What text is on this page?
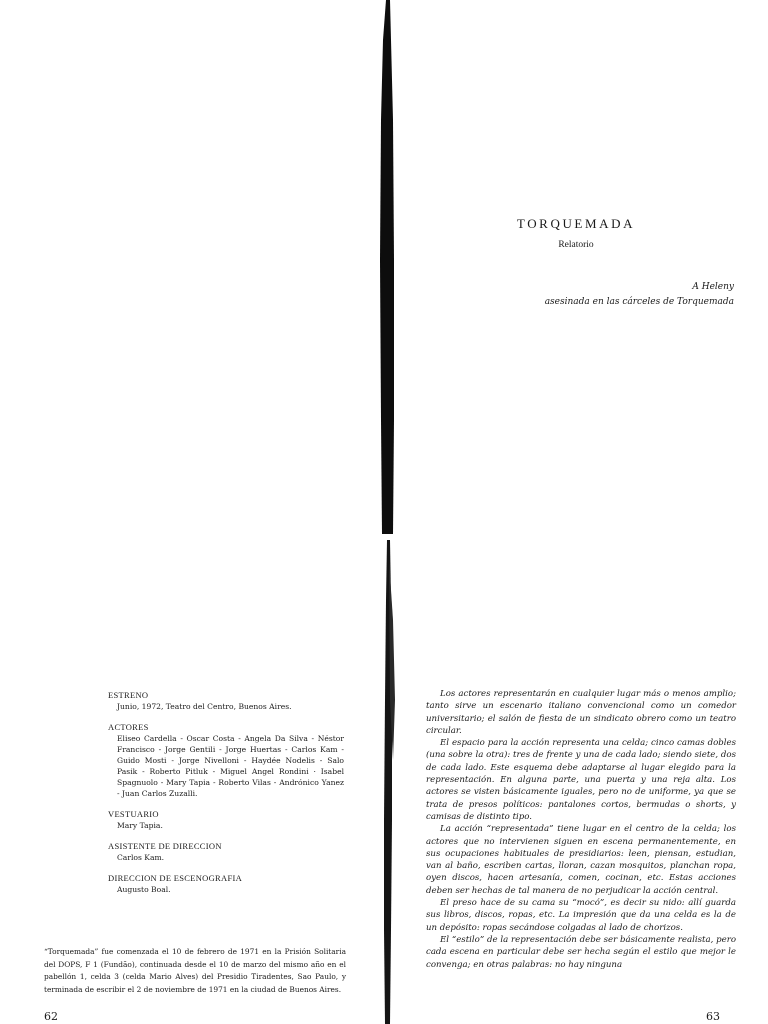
ESTRENO
Junio, 1972, Teatro del Centro, Buenos Aires.
ACTORES
Eliseo Cardella - Oscar Costa - Angela Da Silva - Néstor Francisco - Jorge Gentili - Jorge Huertas - Carlos Kam - Guido Mosti - Jorge Nivelloni - Haydée Nodelis - Salo Pasik - Roberto Pitluk - Miguel Angel Rondini · Isabel Spagnuolo - Mary Tapia - Roberto Vilas - Andrónico Yanez - Juan Carlos Zuzalli.
VESTUARIO
Mary Tapia.
ASISTENTE DE DIRECCION
Carlos Kam.
DIRECCION DE ESCENOGRAFIA
Augusto Boal.
“Torquemada” fue comenzada el 10 de febrero de 1971 en la Prisión Solitaria del DOPS, F 1 (Fundão), continuada desde el 10 de marzo del mismo año en el pabellón 1, celda 3 (celda Mario Alves) del Presidio Tiradentes, Sao Paulo, y terminada de escribir el 2 de noviembre de 1971 en la ciudad de Buenos Aires.
62
TORQUEMADA
Relatorio
A Heleny
asesinada en las cárceles de Torquemada

Los actores representarán en cualquier lugar más o menos amplio; tanto sirve un escenario italiano convencional como un comedor universitario; el salón de fiesta de un sindicato obrero como un teatro circular.

El espacio para la acción representa una celda; cinco camas dobles (una sobre la otra): tres de frente y una de cada lado; siendo siete, dos de cada lado. Este esquema debe adaptarse al lugar elegido para la representación. En alguna parte, una puerta y una reja alta. Los actores se visten básicamente iguales, pero no de uniforme, ya que se trata de presos políticos: pantalones cortos, bermudas o shorts, y camisas de distinto tipo.

La acción “representada” tiene lugar en el centro de la celda; los actores que no intervienen siguen en escena permanentemente, en sus ocupaciones habituales de presidiarios: leen, piensan, estudian, van al baño, escriben cartas, lloran, cazan mosquitos, planchan ropa, oyen discos, hacen artesanía, comen, cocinan, etc. Estas acciones deben ser hechas de tal manera de no perjudicar la acción central.

El preso hace de su cama su “mocó”, es decir su nido: allí guarda sus libros, discos, ropas, etc. La impresión que da una celda es la de un depósito: ropas secándose colgadas al lado de chorizos.

El “estilo” de la representación debe ser básicamente realista, pero cada escena en particular debe ser hecha según el estilo que mejor le convenga; en otras palabras: no hay ninguna

63
